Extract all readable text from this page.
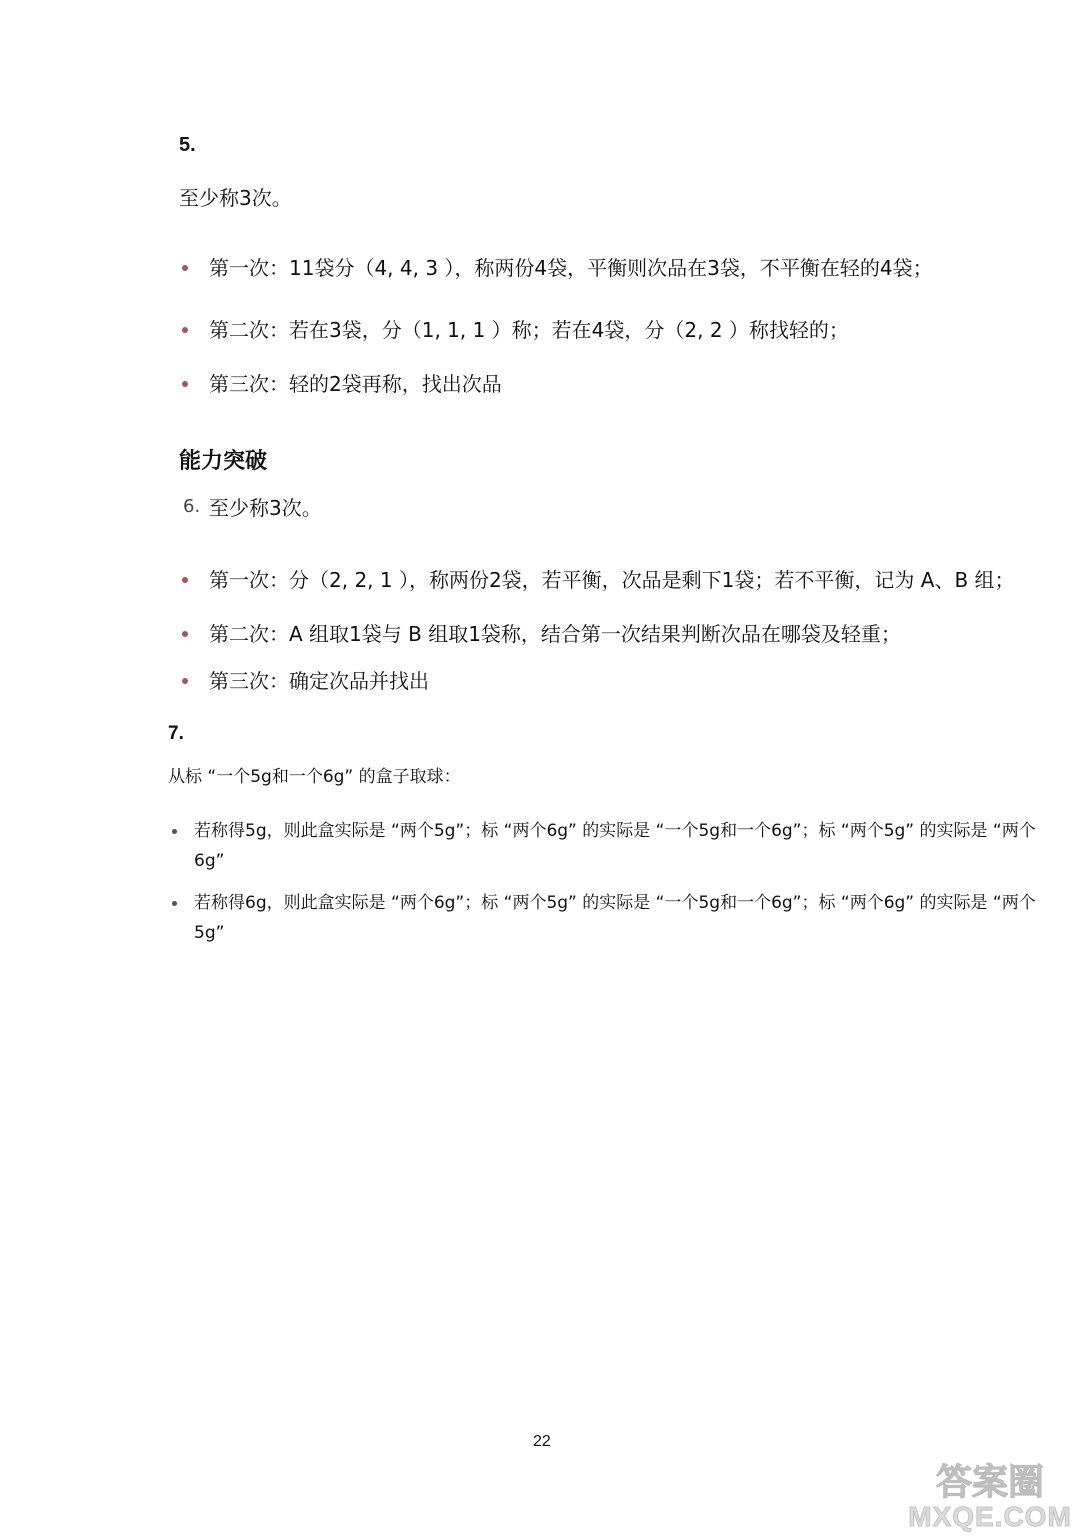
5.
至少称3次。
第一次：11袋分（4, 4, 3 ），称两份4袋，平衡则次品在3袋，不平衡在轻的4袋；
第二次：若在3袋，分（1, 1, 1 ）称；若在4袋，分（2, 2 ）称找轻的；
第三次：轻的2袋再称，找出次品
能力突破
6. 至少称3次。
第一次：分（2, 2, 1 ），称两份2袋，若平衡，次品是剩下1袋；若不平衡，记为 A、B 组；
第二次：A 组取1袋与 B 组取1袋称，结合第一次结果判断次品在哪袋及轻重；
第三次：确定次品并找出
7.
从标 “一个5g和一个6g” 的盒子取球：
若称得5g，则此盒实际是 “两个5g”；标 “两个6g” 的实际是 “一个5g和一个6g”；标 “两个5g” 的实际是 “两个6g”
若称得6g，则此盒实际是 “两个6g”；标 “两个5g” 的实际是 “一个5g和一个6g”；标 “两个6g” 的实际是 “两个5g”
22
答案圈
MXQE.COM
